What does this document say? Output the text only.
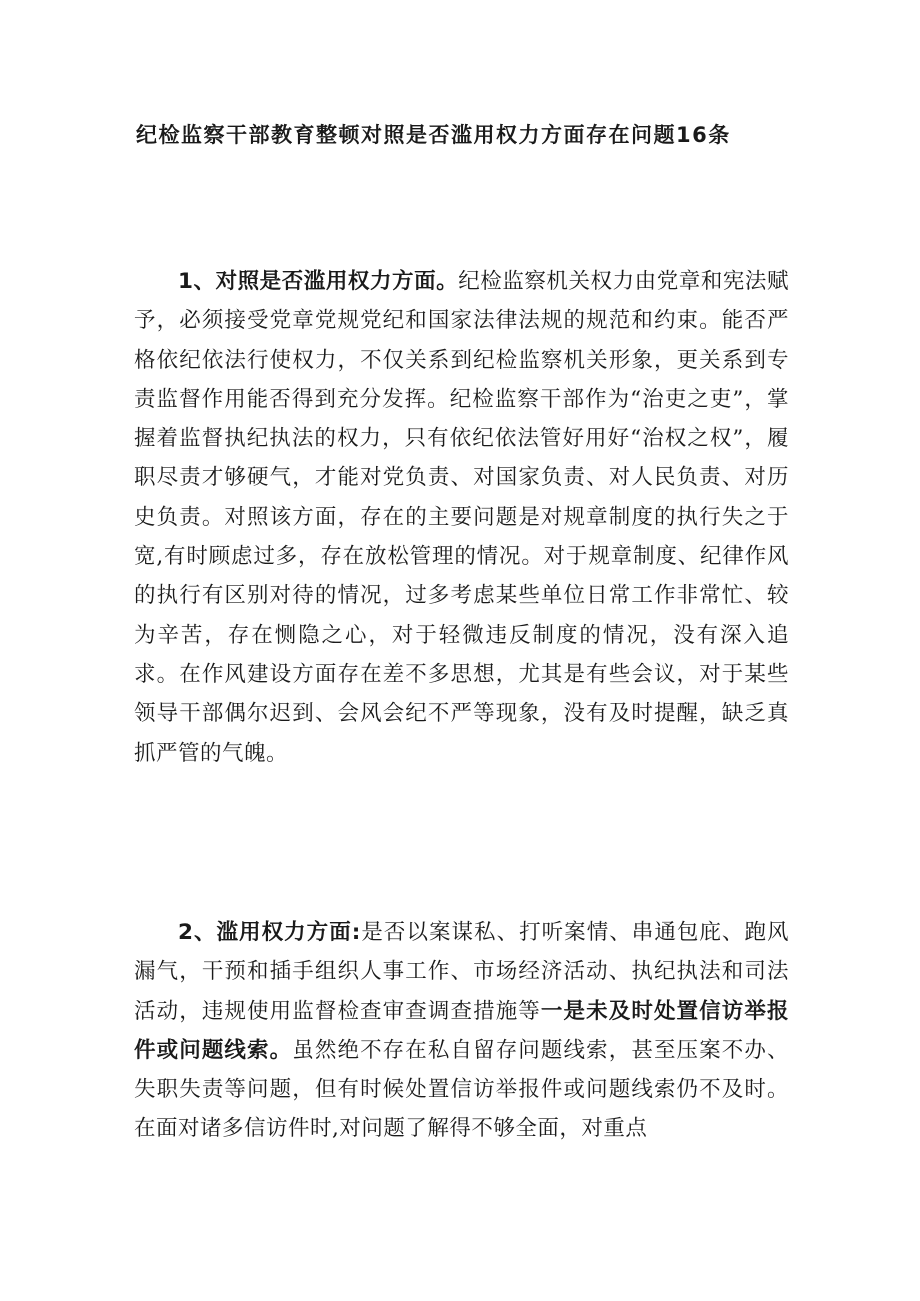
纪检监察干部教育整顿对照是否滥用权力方面存在问题16条

1、对照是否滥用权力方面。纪检监察机关权力由党章和宪法赋予，必须接受党章党规党纪和国家法律法规的规范和约束。能否严格依纪依法行使权力，不仅关系到纪检监察机关形象，更关系到专责监督作用能否得到充分发挥。纪检监察干部作为“治吏之吏”，掌握着监督执纪执法的权力，只有依纪依法管好用好“治权之权”，履职尽责才够硬气，才能对党负责、对国家负责、对人民负责、对历史负责。对照该方面，存在的主要问题是对规章制度的执行失之于宽,有时顾虑过多，存在放松管理的情况。对于规章制度、纪律作风的执行有区别对待的情况，过多考虑某些单位日常工作非常忙、较为辛苦，存在恻隐之心，对于轻微违反制度的情况，没有深入追求。在作风建设方面存在差不多思想，尤其是有些会议，对于某些领导干部偶尔迟到、会风会纪不严等现象，没有及时提醒，缺乏真抓严管的气魄。

2、滥用权力方面:是否以案谋私、打听案情、串通包庇、跑风漏气，干预和插手组织人事工作、市场经济活动、执纪执法和司法活动，违规使用监督检查审查调查措施等一是未及时处置信访举报件或问题线索。虽然绝不存在私自留存问题线索，甚至压案不办、失职失责等问题，但有时候处置信访举报件或问题线索仍不及时。在面对诸多信访件时,对问题了解得不够全面，对重点
